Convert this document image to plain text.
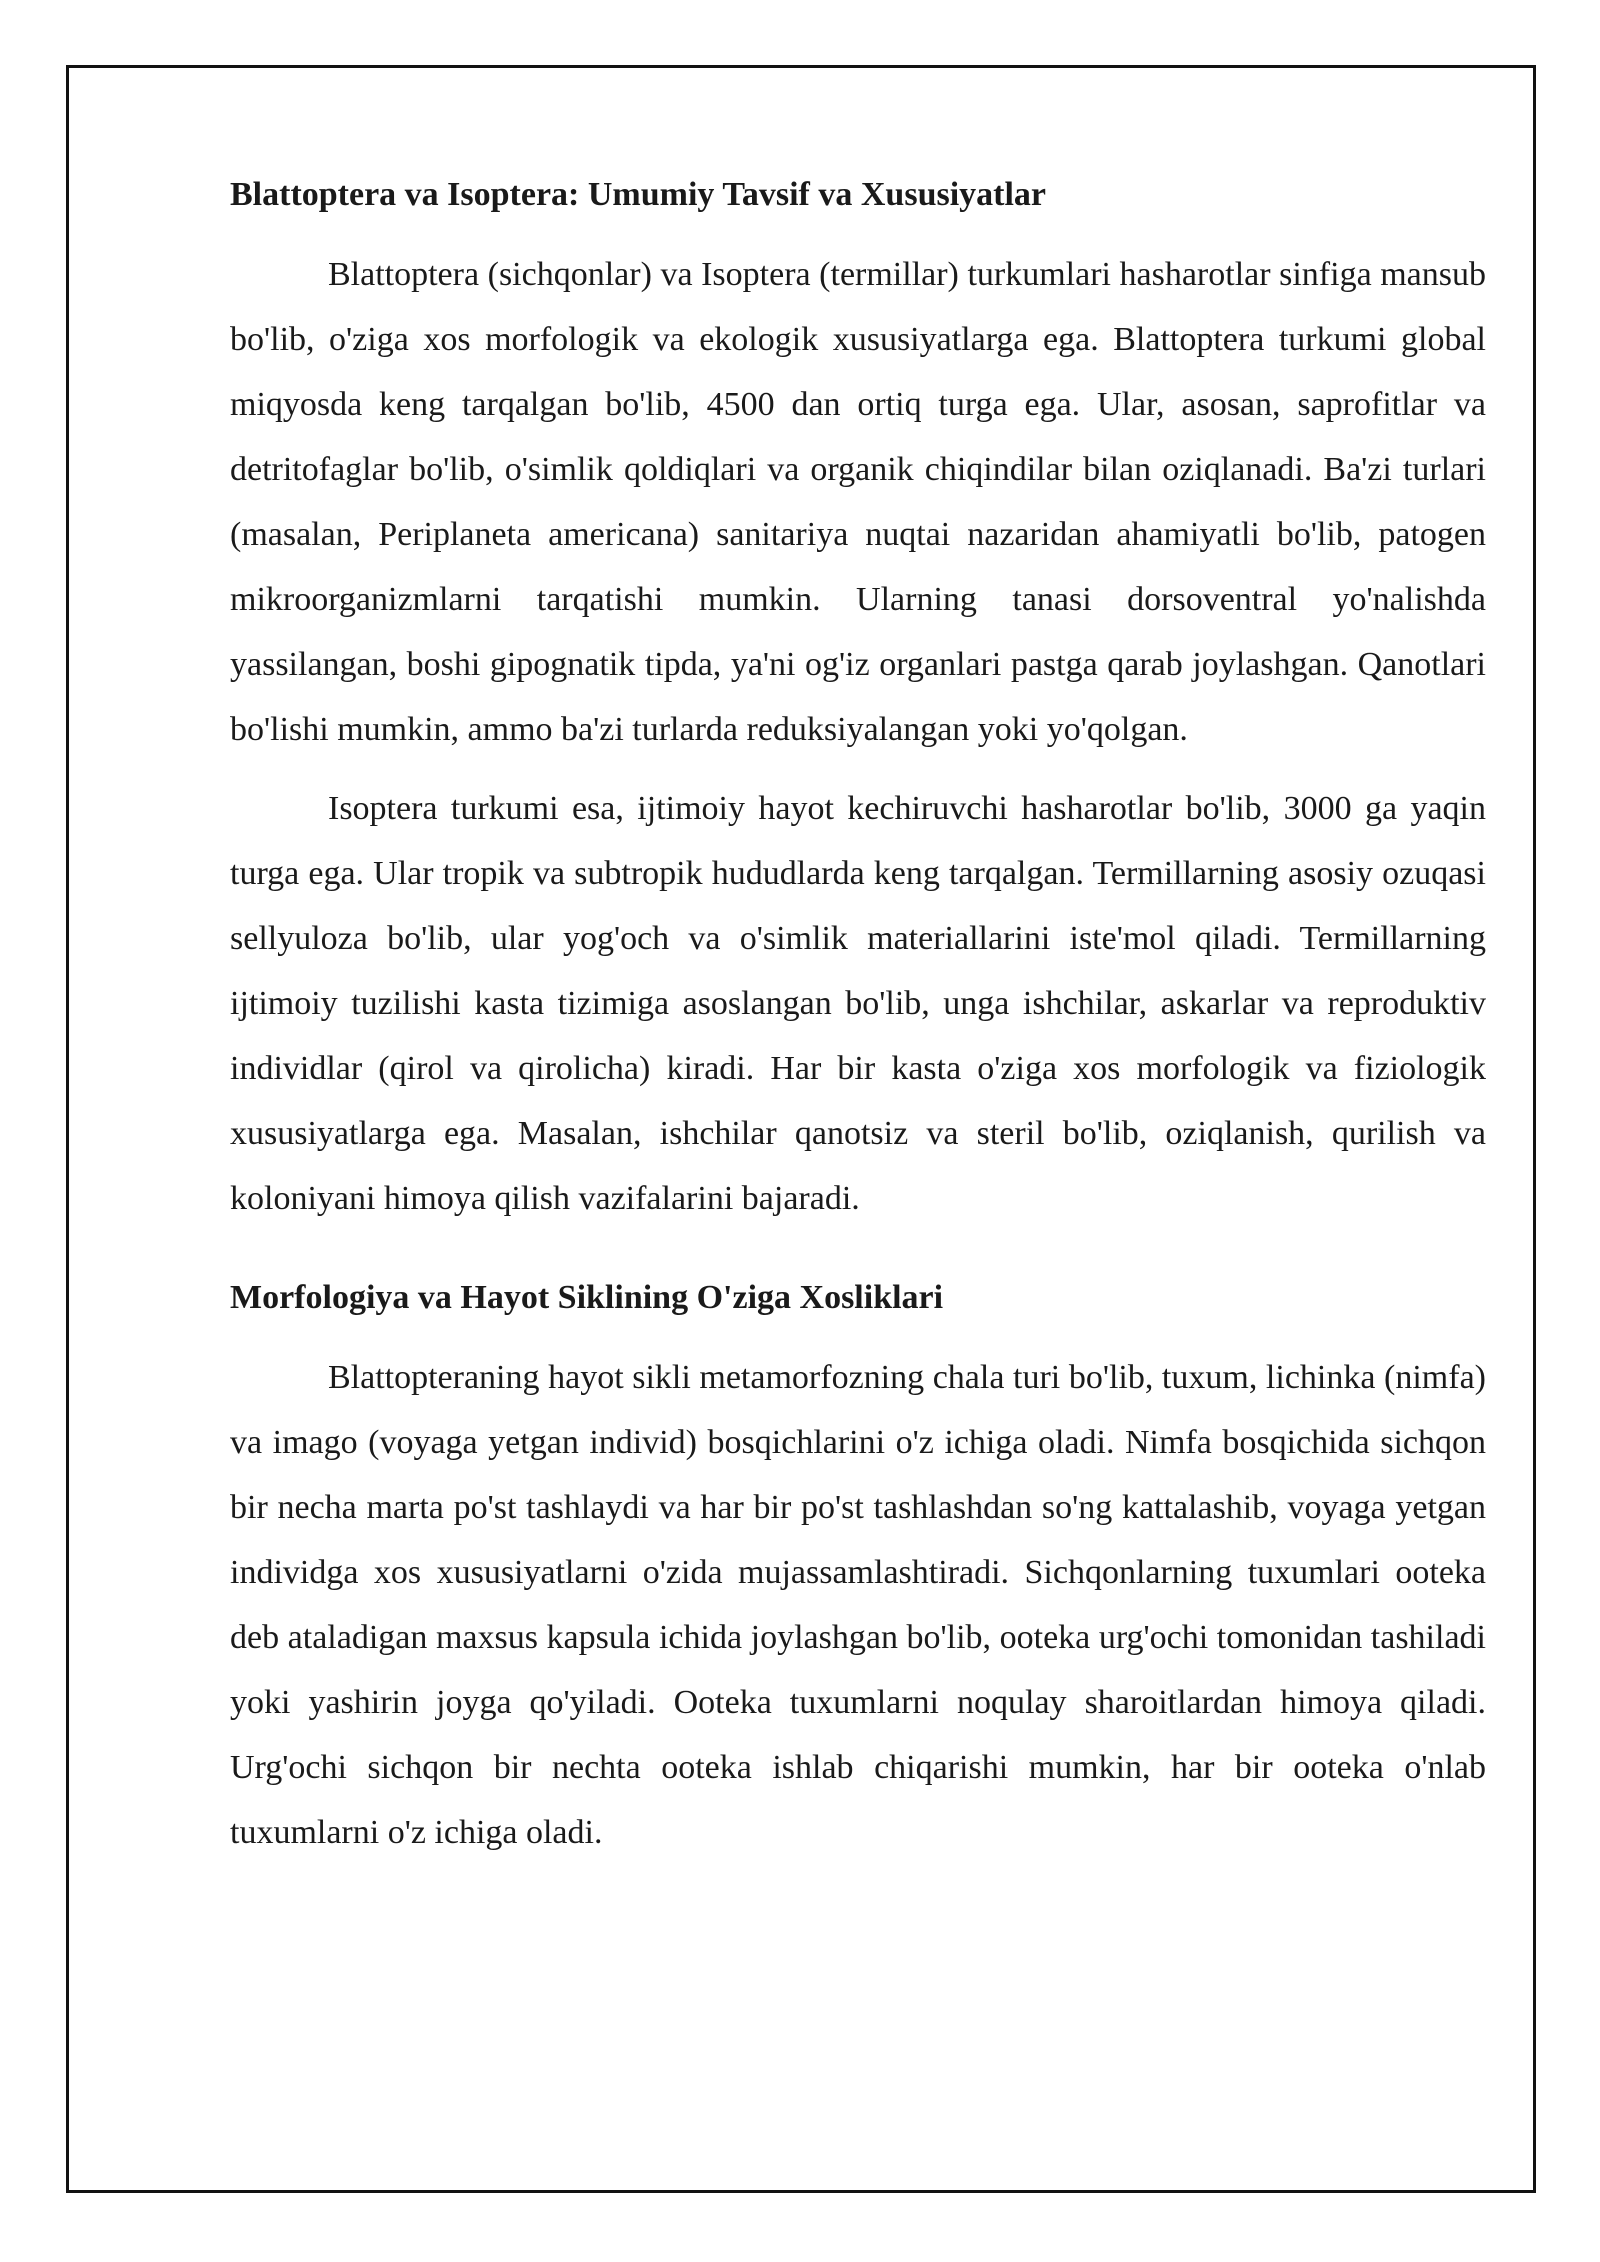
Blattoptera va Isoptera: Umumiy Tavsif va Xususiyatlar

Blattoptera (sichqonlar) va Isoptera (termillar) turkumlari hasharotlar sinfiga mansub bo'lib, o'ziga xos morfologik va ekologik xususiyatlarga ega. Blattoptera turkumi global miqyosda keng tarqalgan bo'lib, 4500 dan ortiq turga ega. Ular, asosan, saprofitlar va detritofaglar bo'lib, o'simlik qoldiqlari va organik chiqindilar bilan oziqlanadi. Ba'zi turlari (masalan, Periplaneta americana) sanitariya nuqtai nazaridan ahamiyatli bo'lib, patogen mikroorganizmlarni tarqatishi mumkin. Ularning tanasi dorsoventral yo'nalishda yassilangan, boshi gipognatik tipda, ya'ni og'iz organlari pastga qarab joylashgan. Qanotlari bo'lishi mumkin, ammo ba'zi turlarda reduksiyalangan yoki yo'qolgan.

Isoptera turkumi esa, ijtimoiy hayot kechiruvchi hasharotlar bo'lib, 3000 ga yaqin turga ega. Ular tropik va subtropik hududlarda keng tarqalgan. Termillarning asosiy ozuqasi sellyuloza bo'lib, ular yog'och va o'simlik materiallarini iste'mol qiladi. Termillarning ijtimoiy tuzilishi kasta tizimiga asoslangan bo'lib, unga ishchilar, askarlar va reproduktiv individlar (qirol va qirolicha) kiradi. Har bir kasta o'ziga xos morfologik va fiziologik xususiyatlarga ega. Masalan, ishchilar qanotsiz va steril bo'lib, oziqlanish, qurilish va koloniyani himoya qilish vazifalarini bajaradi.

Morfologiya va Hayot Siklining O'ziga Xosliklari

Blattopteraning hayot sikli metamorfozning chala turi bo'lib, tuxum, lichinka (nimfa) va imago (voyaga yetgan individ) bosqichlarini o'z ichiga oladi. Nimfa bosqichida sichqon bir necha marta po'st tashlaydi va har bir po'st tashlashdan so'ng kattalashib, voyaga yetgan individga xos xususiyatlarni o'zida mujassamlashtiradi. Sichqonlarning tuxumlari ooteka deb ataladigan maxsus kapsula ichida joylashgan bo'lib, ooteka urg'ochi tomonidan tashiladi yoki yashirin joyga qo'yiladi. Ooteka tuxumlarni noqulay sharoitlardan himoya qiladi. Urg'ochi sichqon bir nechta ooteka ishlab chiqarishi mumkin, har bir ooteka o'nlab tuxumlarni o'z ichiga oladi.
